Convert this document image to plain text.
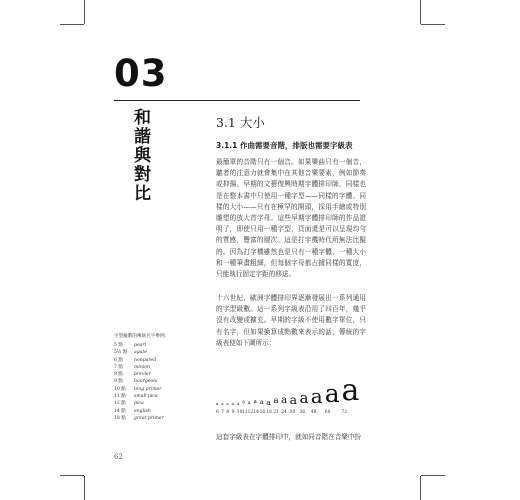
03
和諧與對比	3.1 大小
3.1.1 作曲需要音階，排版也需要字級表

最簡單的音階只有一個音。如果樂曲只有一個音，聽者的注意力就會集中在其他音樂要素，例如節奏或抑揚。早期的文藝復興時期字體排印師，同樣也是在整本書中只使用一種字型——同樣的字體、同樣的大小——只有在極罕的開頭，採用手繪或特別雕塑的放大首字母。這些早期字體排印師的作品證明了，即使只用一種字型，頁面還是可以呈現均勻的質感，豐富的層次。這是打字機時代所無法比擬的。因為打字機雖然也是只有一種字體、一種大小和一種筆畫粗細，但每個字母都占據同樣的寬度，只能執行固定字距的移送。

十六世紀，歐洲字體排印界逐漸發展出一系列通用的字型級數。這一系列字級表沿用了四百年，幾乎沒有改變或擴充。早期的字級不使用數字單位，只有名字，但如果換算成點數來表示的話，傳統的字級表便如下圖所示：

這套字級表在字體排印中，就如同音階在音樂中扮

字型級數的傳統名字參例：
5 點 pearl
5½ 點 agate
6 點 nonpareil
7 點 minion
8 點 brevier
9 點 bourgeois
10 點 long primer
11 點 small pica
12 點 pica
14 點 english
18 點 great primer
a a a a a a a a a a a a a a a a a
6 7 8 9 10 11 12 14 16 18 21 24 30 36 48 60	72
62
